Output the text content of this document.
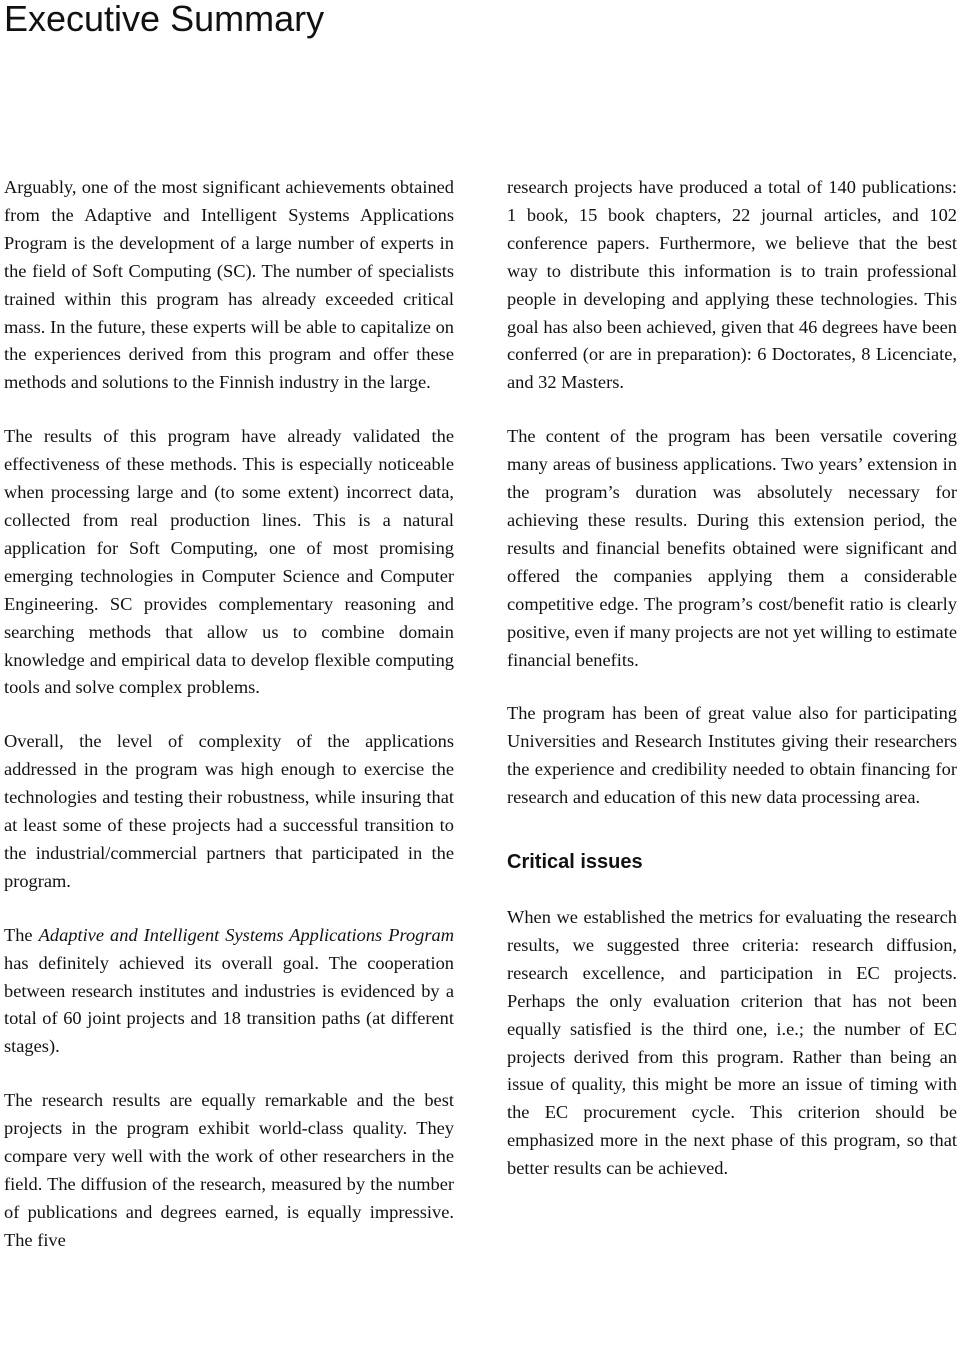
Executive Summary

Arguably, one of the most significant achievements obtained from the Adaptive and Intelligent Systems Applications Program is the development of a large number of experts in the field of Soft Computing (SC). The number of specialists trained within this program has already exceeded critical mass. In the future, these experts will be able to capitalize on the experiences derived from this program and offer these methods and solutions to the Finnish industry in the large.

The results of this program have already validated the effectiveness of these methods. This is especially noticeable when processing large and (to some extent) incorrect data, collected from real production lines. This is a natural application for Soft Computing, one of most promising emerging technologies in Computer Science and Computer Engineering. SC provides complementary reasoning and searching methods that allow us to combine domain knowledge and empirical data to develop flexible computing tools and solve complex problems.

Overall, the level of complexity of the applications addressed in the program was high enough to exercise the technologies and testing their robustness, while insuring that at least some of these projects had a successful transition to the industrial/commercial partners that participated in the program.

The Adaptive and Intelligent Systems Applications Program has definitely achieved its overall goal. The cooperation between research institutes and industries is evidenced by a total of 60 joint projects and 18 transition paths (at different stages).

The research results are equally remarkable and the best projects in the program exhibit world-class quality. They compare very well with the work of other researchers in the field. The diffusion of the research, measured by the number of publications and degrees earned, is equally impressive. The five

research projects have produced a total of 140 publications: 1 book, 15 book chapters, 22 journal articles, and 102 conference papers. Furthermore, we believe that the best way to distribute this information is to train professional people in developing and applying these technologies. This goal has also been achieved, given that 46 degrees have been conferred (or are in preparation): 6 Doctorates, 8 Licenciate, and 32 Masters.

The content of the program has been versatile covering many areas of business applications. Two years’ extension in the program’s duration was absolutely necessary for achieving these results. During this extension period, the results and financial benefits obtained were significant and offered the companies applying them a considerable competitive edge. The program’s cost/benefit ratio is clearly positive, even if many projects are not yet willing to estimate financial benefits.

The program has been of great value also for participating Universities and Research Institutes giving their researchers the experience and credibility needed to obtain financing for research and education of this new data processing area.

Critical issues

When we established the metrics for evaluating the research results, we suggested three criteria: research diffusion, research excellence, and participation in EC projects. Perhaps the only evaluation criterion that has not been equally satisfied is the third one, i.e.; the number of EC projects derived from this program. Rather than being an issue of quality, this might be more an issue of timing with the EC procurement cycle. This criterion should be emphasized more in the next phase of this program, so that better results can be achieved.
